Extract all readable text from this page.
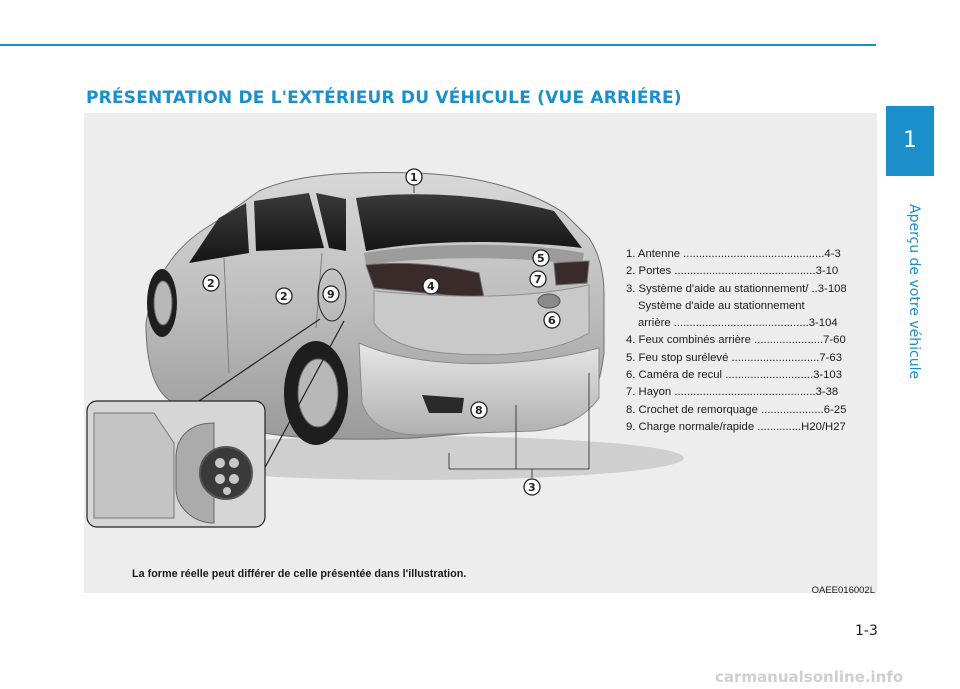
PRÉSENTATION DE L'EXTÉRIEUR DU VÉHICULE (VUE ARRIÉRE)
1
Aperçu de votre véhicule
1
2
2	9
5
7
4
6
8
3
1. Antenne .............................................4-3
2. Portes .............................................3-10
3. Système d'aide au stationnement/ ..3-108
Système d'aide au stationnement
arrière ...........................................3-104
4. Feux combinés arrière ......................7-60
5. Feu stop surélevé ............................7-63
6. Caméra de recul ............................3-103
7. Hayon .............................................3-38
8. Crochet de remorquage ....................6-25
9. Charge normale/rapide ..............H20/H27
La forme réelle peut différer de celle présentée dans l'illustration.
OAEE016002L
1-3
carmanualsonline.info
